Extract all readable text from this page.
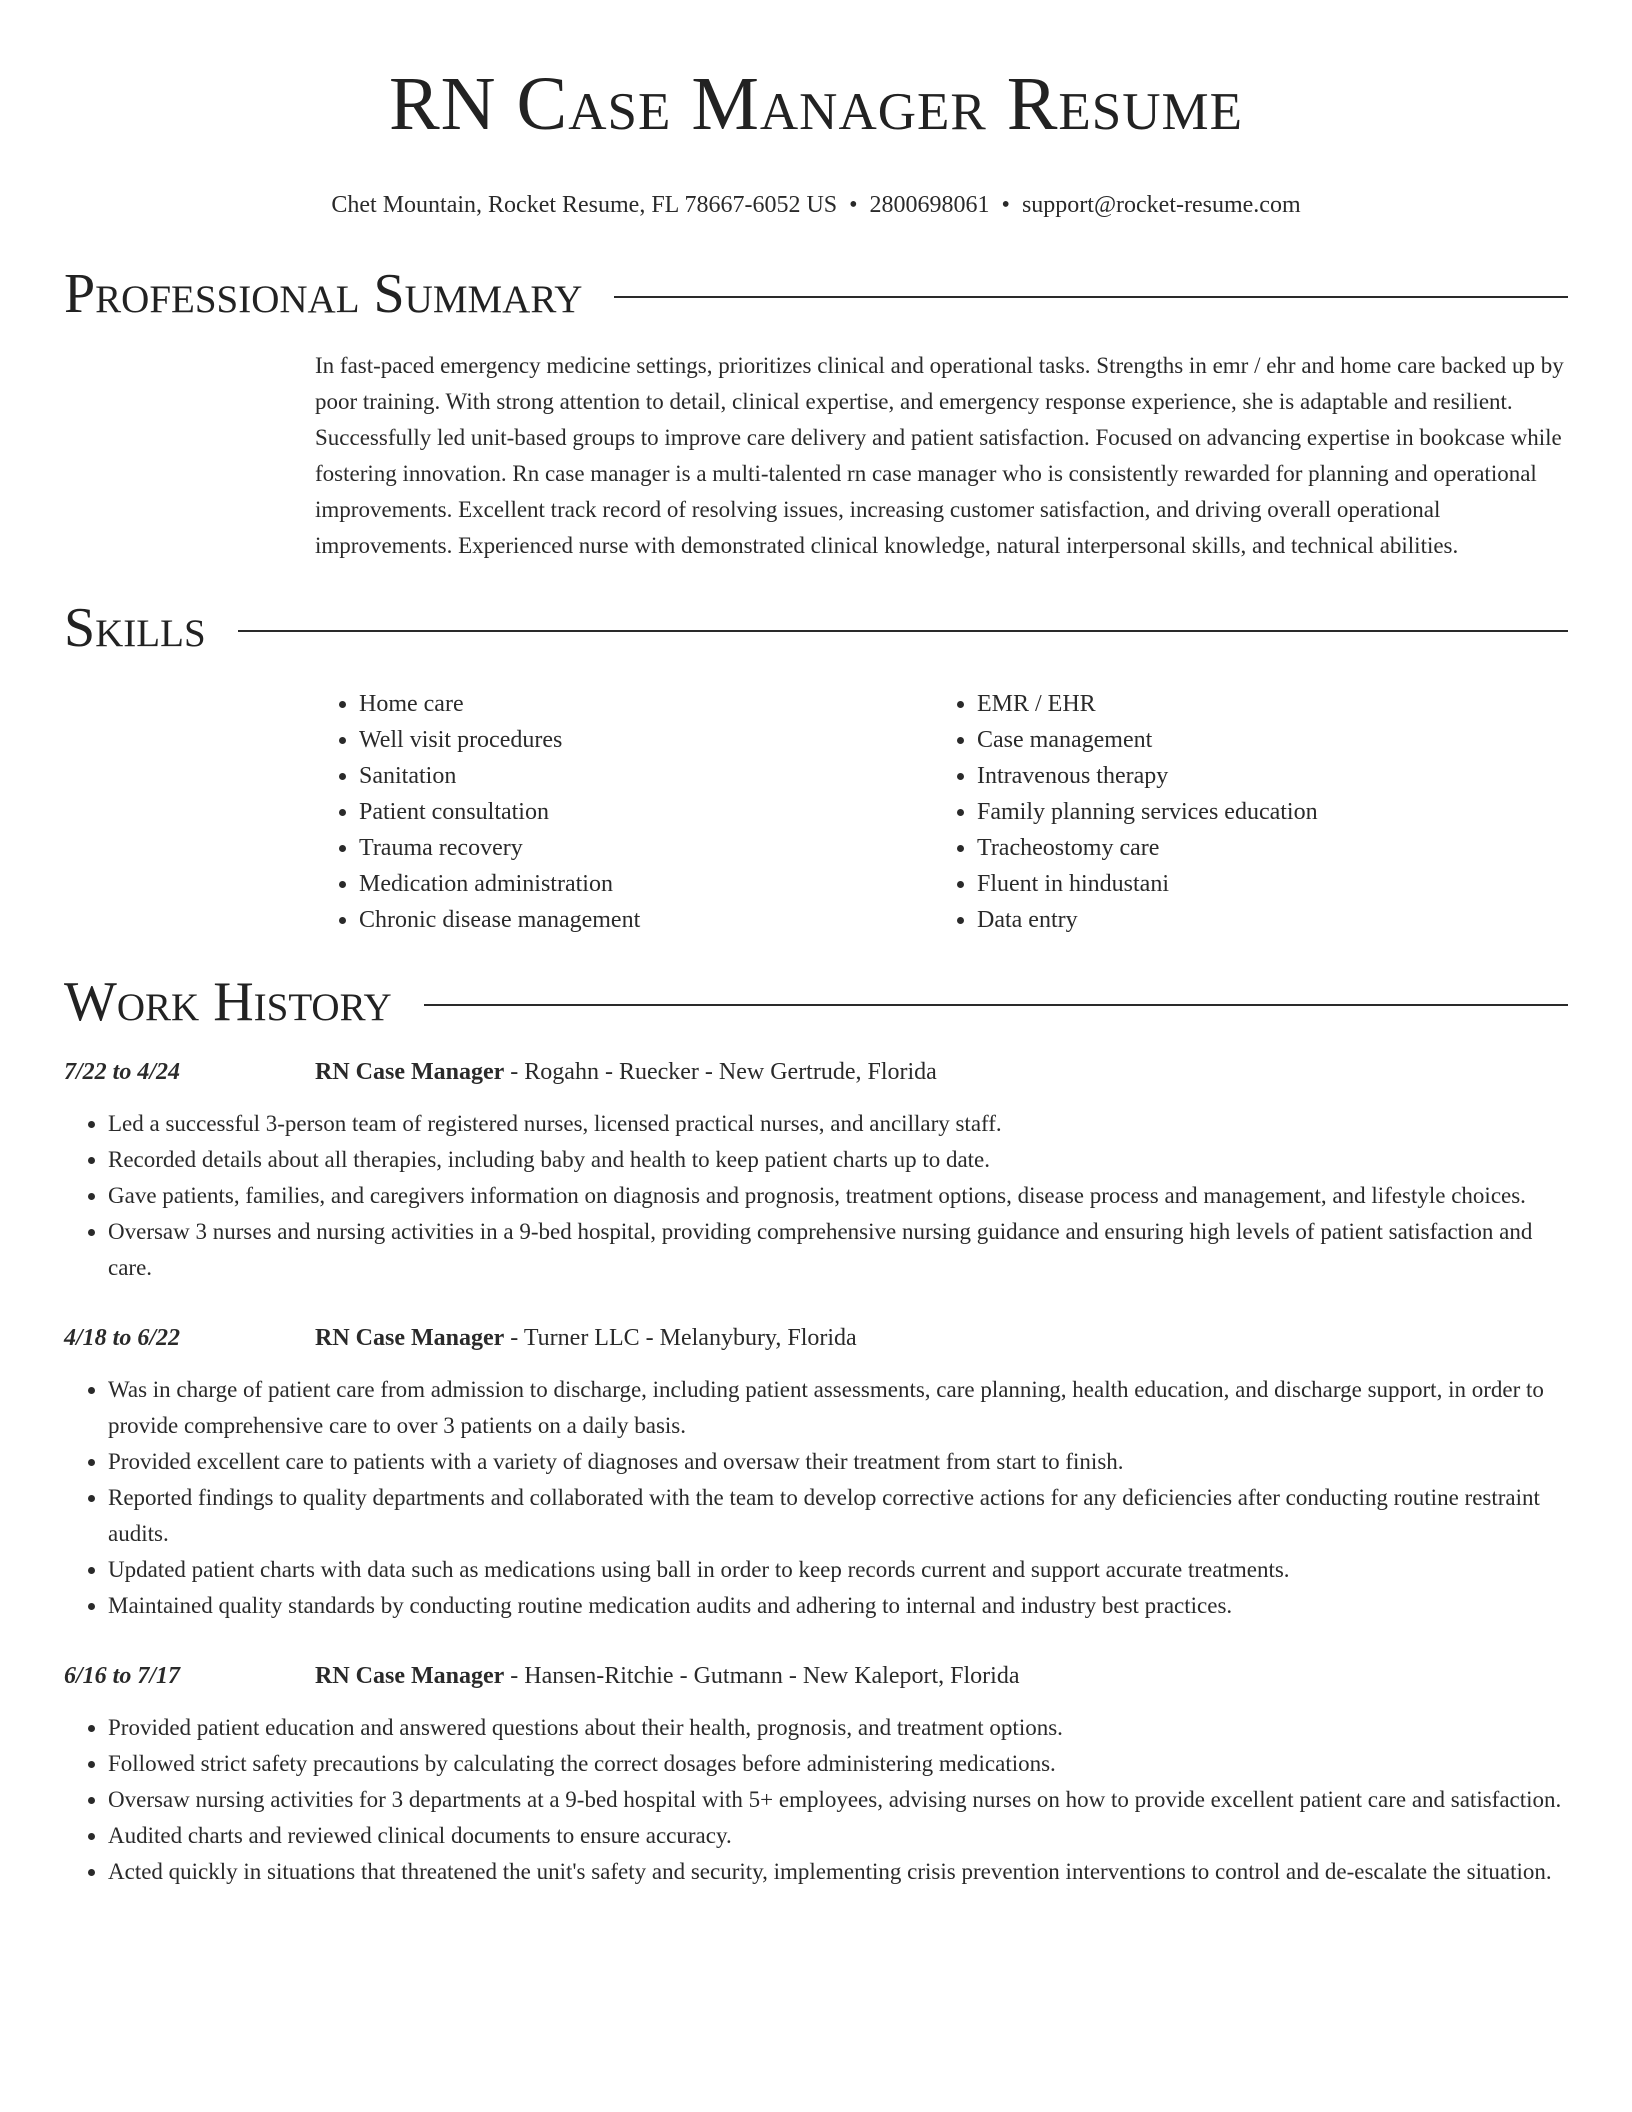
RN Case Manager Resume
Chet Mountain, Rocket Resume, FL 78667-6052 US • 2800698061 • support@rocket-resume.com
Professional Summary
In fast-paced emergency medicine settings, prioritizes clinical and operational tasks. Strengths in emr / ehr and home care backed up by poor training. With strong attention to detail, clinical expertise, and emergency response experience, she is adaptable and resilient. Successfully led unit-based groups to improve care delivery and patient satisfaction. Focused on advancing expertise in bookcase while fostering innovation. Rn case manager is a multi-talented rn case manager who is consistently rewarded for planning and operational improvements. Excellent track record of resolving issues, increasing customer satisfaction, and driving overall operational improvements. Experienced nurse with demonstrated clinical knowledge, natural interpersonal skills, and technical abilities.
Skills
• Home care
• Well visit procedures
• Sanitation
• Patient consultation
• Trauma recovery
• Medication administration
• Chronic disease management
• EMR / EHR
• Case management
• Intravenous therapy
• Family planning services education
• Tracheostomy care
• Fluent in hindustani
• Data entry
Work History
7/22 to 4/24	RN Case Manager - Rogahn - Ruecker - New Gertrude, Florida
• Led a successful 3-person team of registered nurses, licensed practical nurses, and ancillary staff.
• Recorded details about all therapies, including baby and health to keep patient charts up to date.
• Gave patients, families, and caregivers information on diagnosis and prognosis, treatment options, disease process and management, and lifestyle choices.
• Oversaw 3 nurses and nursing activities in a 9-bed hospital, providing comprehensive nursing guidance and ensuring high levels of patient satisfaction and care.
4/18 to 6/22	RN Case Manager - Turner LLC - Melanybury, Florida
• Was in charge of patient care from admission to discharge, including patient assessments, care planning, health education, and discharge support, in order to provide comprehensive care to over 3 patients on a daily basis.
• Provided excellent care to patients with a variety of diagnoses and oversaw their treatment from start to finish.
• Reported findings to quality departments and collaborated with the team to develop corrective actions for any deficiencies after conducting routine restraint audits.
• Updated patient charts with data such as medications using ball in order to keep records current and support accurate treatments.
• Maintained quality standards by conducting routine medication audits and adhering to internal and industry best practices.
6/16 to 7/17	RN Case Manager - Hansen-Ritchie - Gutmann - New Kaleport, Florida
• Provided patient education and answered questions about their health, prognosis, and treatment options.
• Followed strict safety precautions by calculating the correct dosages before administering medications.
• Oversaw nursing activities for 3 departments at a 9-bed hospital with 5+ employees, advising nurses on how to provide excellent patient care and satisfaction.
• Audited charts and reviewed clinical documents to ensure accuracy.
• Acted quickly in situations that threatened the unit's safety and security, implementing crisis prevention interventions to control and de-escalate the situation.
